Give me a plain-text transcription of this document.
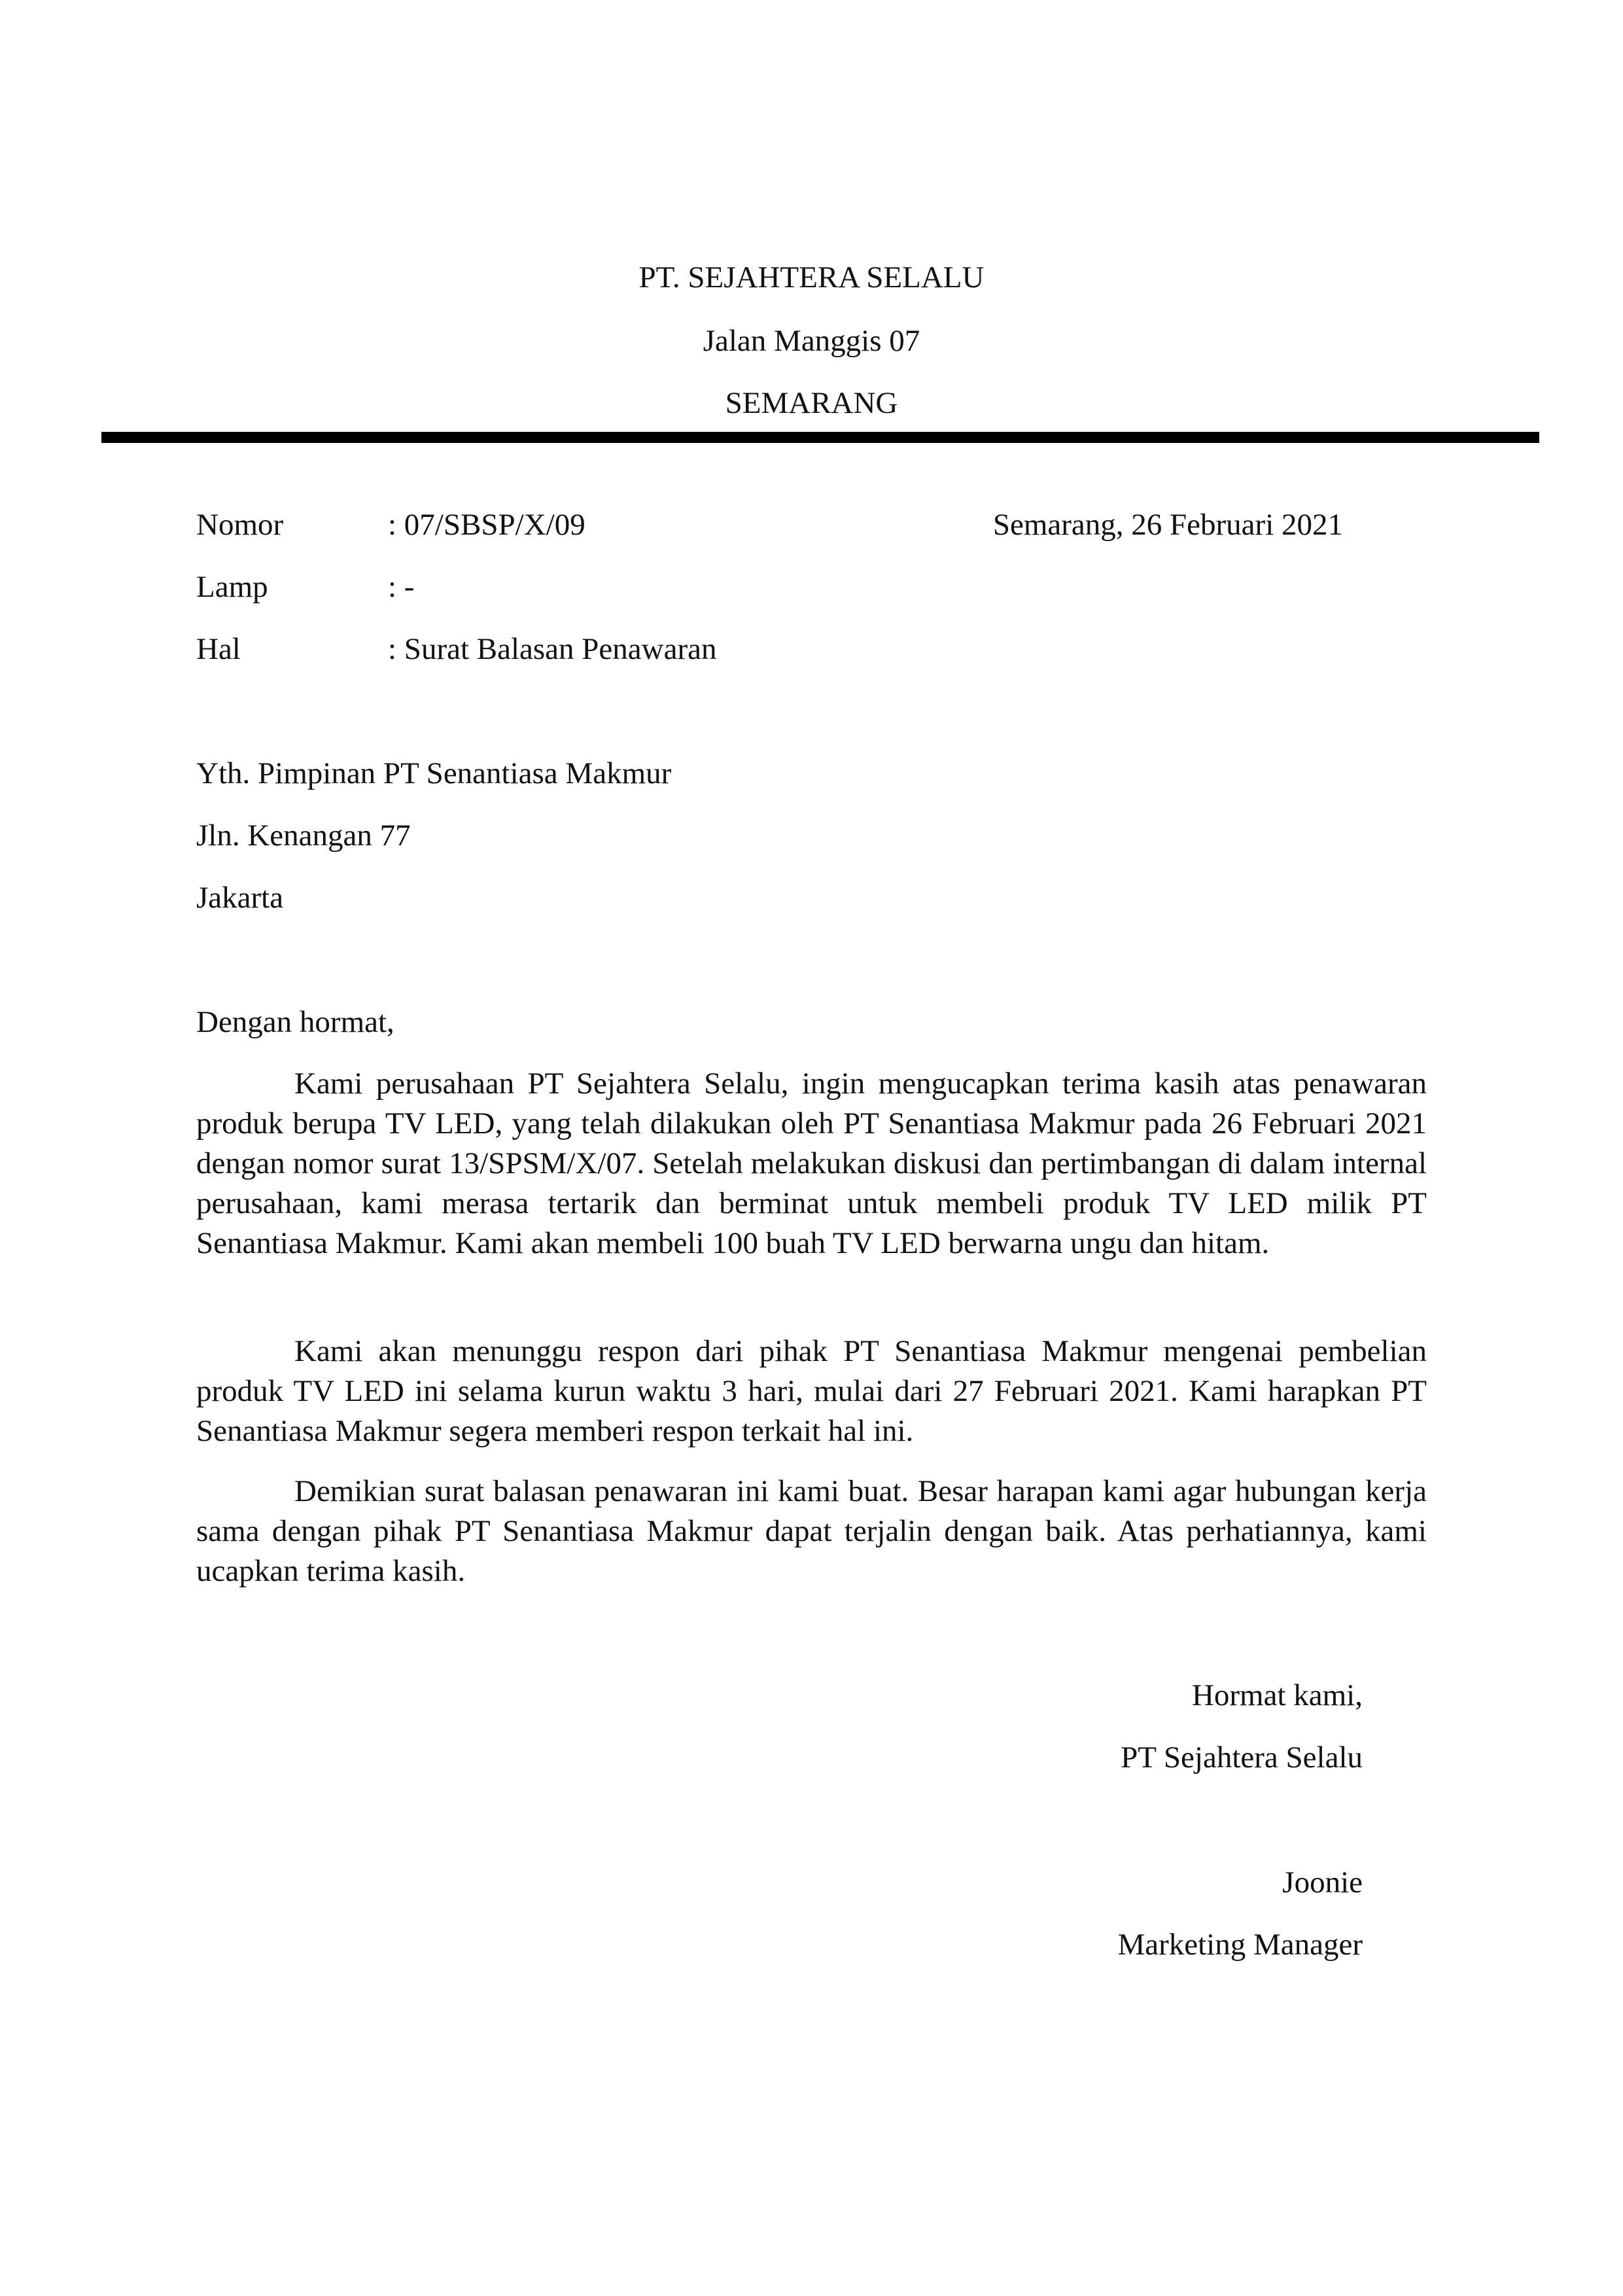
PT. SEJAHTERA SELALU
Jalan Manggis 07
SEMARANG
Nomor	: 07/SBSP/X/09	Semarang, 26 Februari 2021
Lamp	: -
Hal	: Surat Balasan Penawaran
Yth. Pimpinan PT Senantiasa Makmur
Jln. Kenangan 77
Jakarta
Dengan hormat,

Kami perusahaan PT Sejahtera Selalu, ingin mengucapkan terima kasih atas penawaran produk berupa TV LED, yang telah dilakukan oleh PT Senantiasa Makmur pada 26 Februari 2021 dengan nomor surat 13/SPSM/X/07. Setelah melakukan diskusi dan pertimbangan di dalam internal perusahaan, kami merasa tertarik dan berminat untuk membeli produk TV LED milik PT Senantiasa Makmur. Kami akan membeli 100 buah TV LED berwarna ungu dan hitam.

Kami akan menunggu respon dari pihak PT Senantiasa Makmur mengenai pembelian produk TV LED ini selama kurun waktu 3 hari, mulai dari 27 Februari 2021. Kami harapkan PT Senantiasa Makmur segera memberi respon terkait hal ini.

Demikian surat balasan penawaran ini kami buat. Besar harapan kami agar hubungan kerja sama dengan pihak PT Senantiasa Makmur dapat terjalin dengan baik. Atas perhatiannya, kami ucapkan terima kasih.

Hormat kami,
PT Sejahtera Selalu
Joonie
Marketing Manager
